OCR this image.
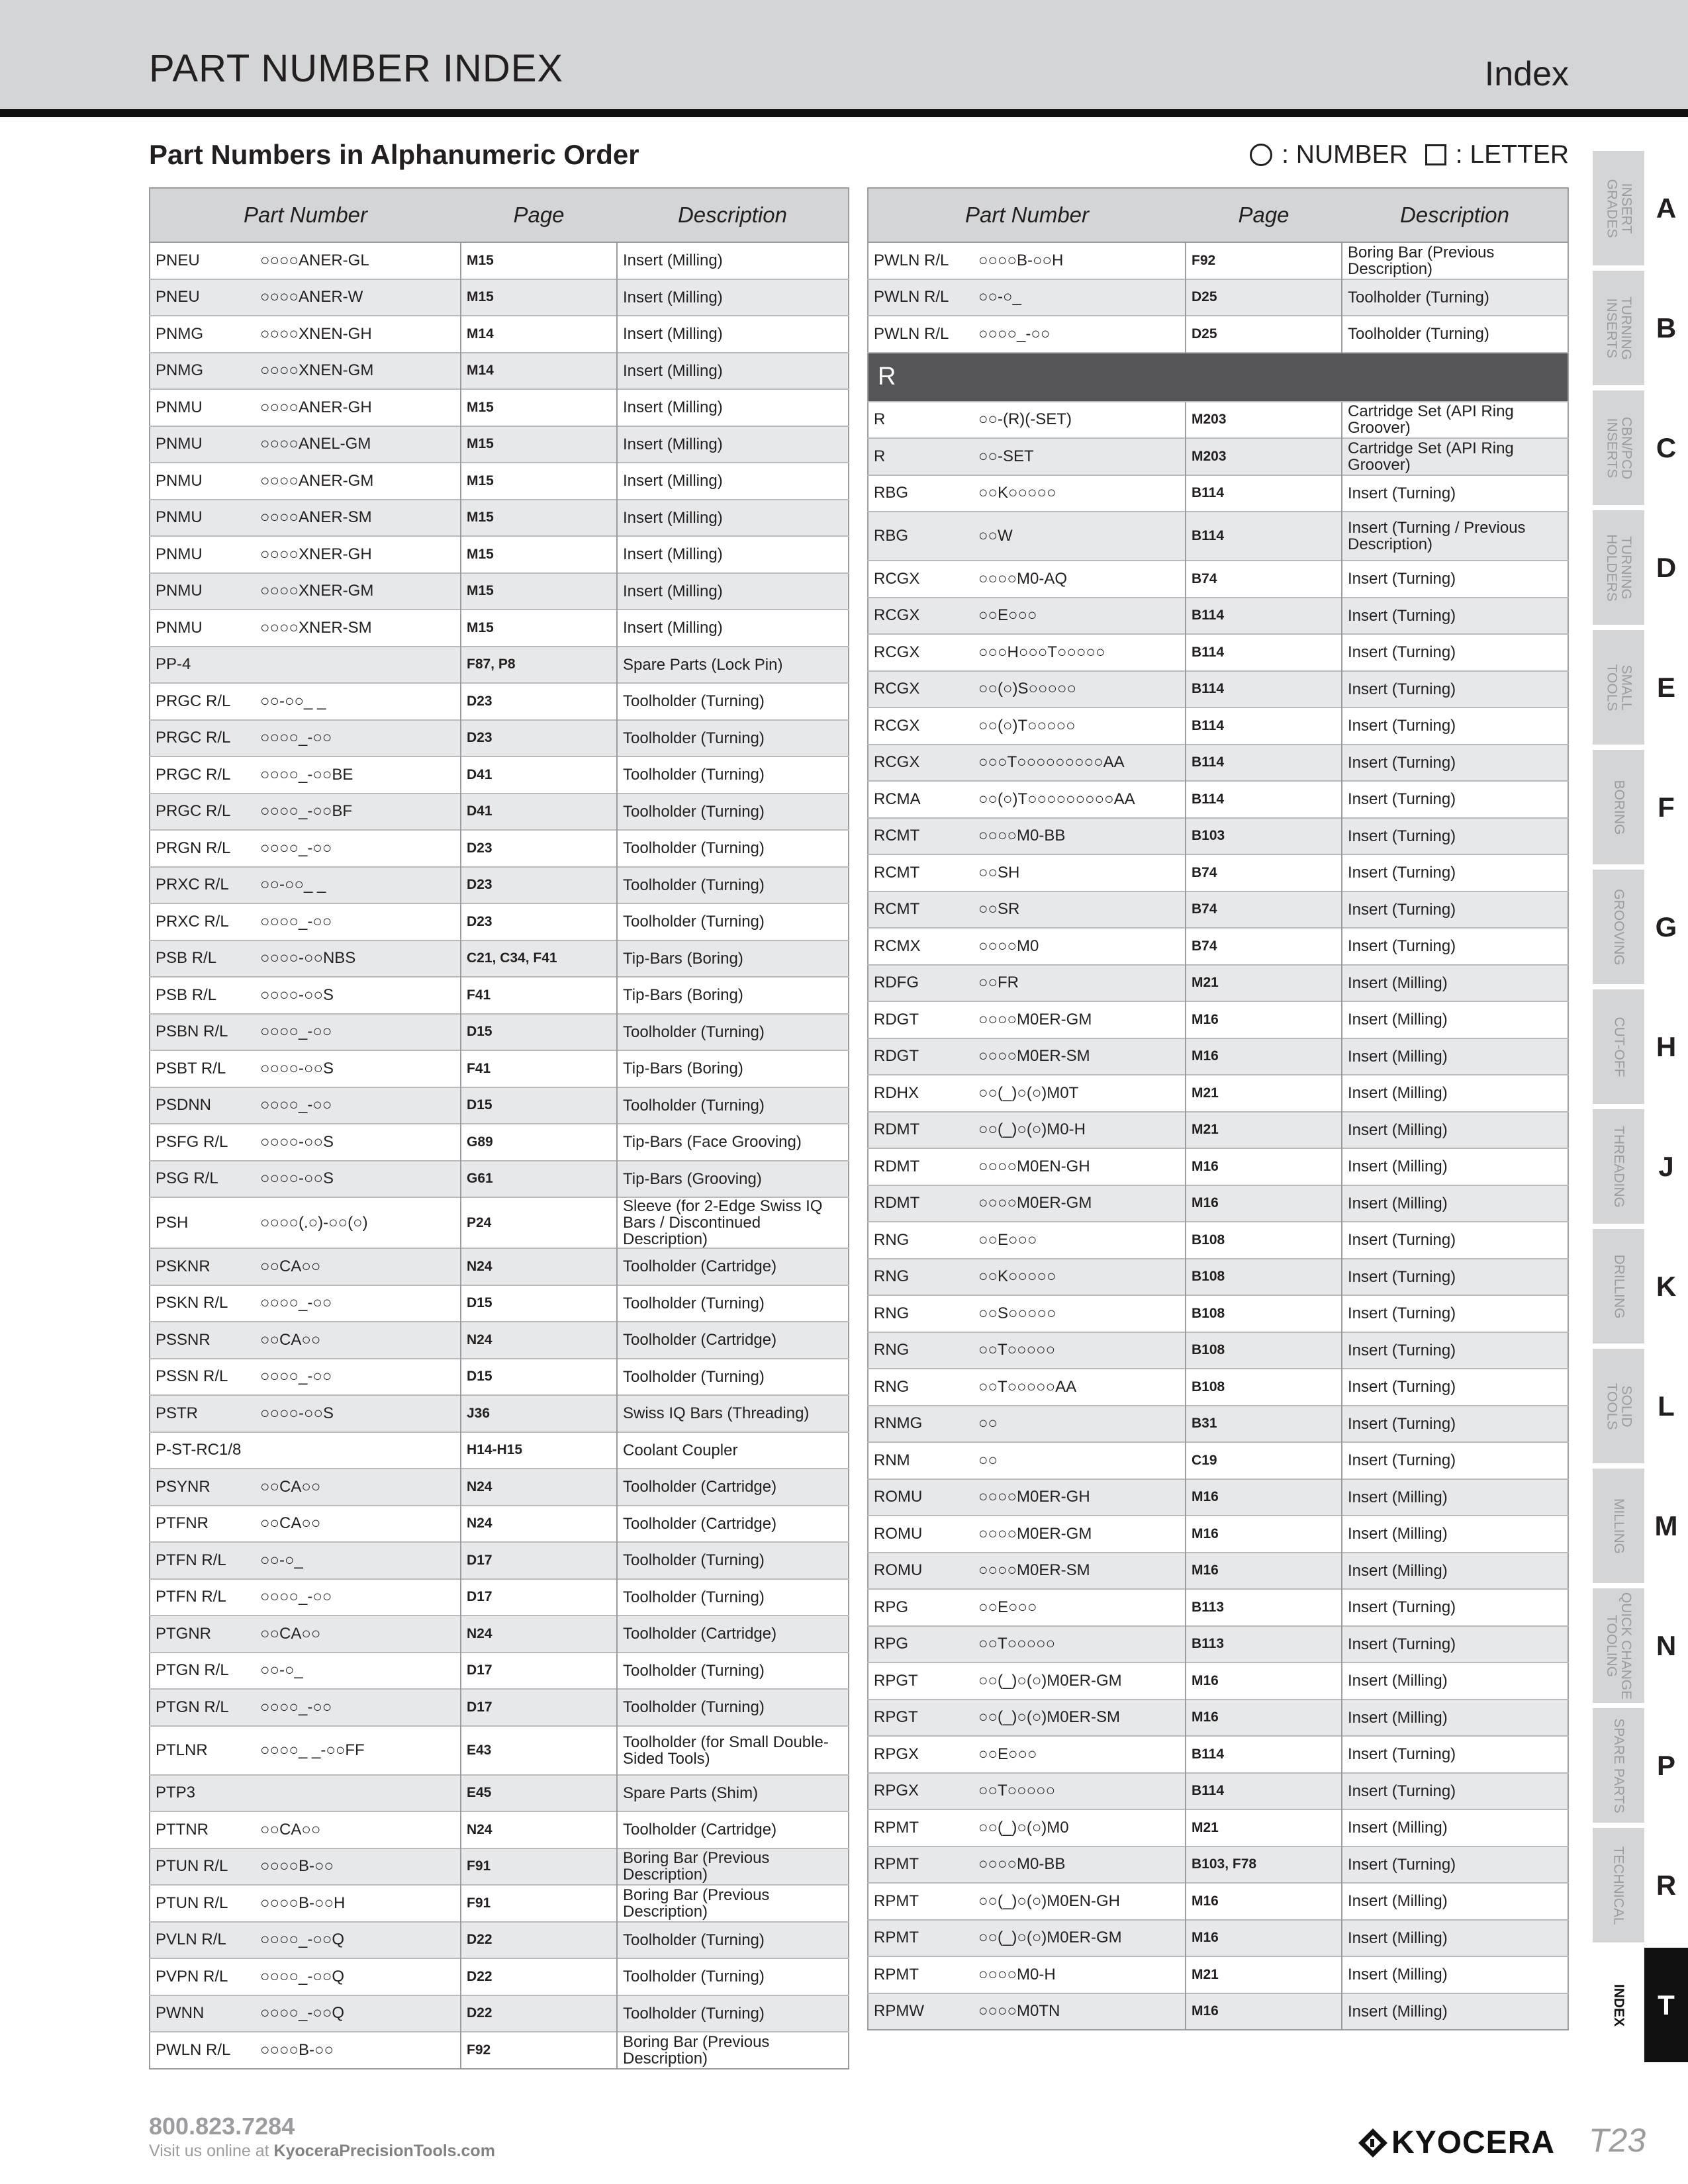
PART NUMBER INDEX	Index
Part Numbers in Alphanumeric Order	: NUMBER : LETTER
Part Number	Page	Description
PNEU ○○○○ANER-GL	M15	Insert (Milling)
PNEU ○○○○ANER-W	M15	Insert (Milling)
PNMG ○○○○XNEN-GH	M14	Insert (Milling)
PNMG ○○○○XNEN-GM	M14	Insert (Milling)
PNMU ○○○○ANER-GH	M15	Insert (Milling)
PNMU ○○○○ANEL-GM	M15	Insert (Milling)
PNMU ○○○○ANER-GM	M15	Insert (Milling)
PNMU ○○○○ANER-SM	M15	Insert (Milling)
PNMU ○○○○XNER-GH	M15	Insert (Milling)
PNMU ○○○○XNER-GM	M15	Insert (Milling)
PNMU ○○○○XNER-SM	M15	Insert (Milling)
PP-4	F87, P8	Spare Parts (Lock Pin)
PRGC R/L ○○-○○_ _	D23	Toolholder (Turning)
PRGC R/L ○○○○_-○○	D23	Toolholder (Turning)
PRGC R/L ○○○○_-○○BE	D41	Toolholder (Turning)
PRGC R/L ○○○○_-○○BF	D41	Toolholder (Turning)
PRGN R/L ○○○○_-○○	D23	Toolholder (Turning)
PRXC R/L ○○-○○_ _	D23	Toolholder (Turning)
PRXC R/L ○○○○_-○○	D23	Toolholder (Turning)
PSB R/L ○○○○-○○NBS	C21, C34, F41	Tip-Bars (Boring)
PSB R/L ○○○○-○○S	F41	Tip-Bars (Boring)
PSBN R/L ○○○○_-○○	D15	Toolholder (Turning)
PSBT R/L ○○○○-○○S	F41	Tip-Bars (Boring)
PSDNN ○○○○_-○○	D15	Toolholder (Turning)
PSFG R/L ○○○○-○○S	G89	Tip-Bars (Face Grooving)
PSG R/L ○○○○-○○S	G61	Tip-Bars (Grooving)
PSH ○○○○(.○)-○○(○)	P24	Sleeve (for 2-Edge Swiss IQ Bars / Discontinued Description)
PSKNR ○○CA○○	N24	Toolholder (Cartridge)
PSKN R/L ○○○○_-○○	D15	Toolholder (Turning)
PSSNR ○○CA○○	N24	Toolholder (Cartridge)
PSSN R/L ○○○○_-○○	D15	Toolholder (Turning)
PSTR ○○○○-○○S	J36	Swiss IQ Bars (Threading)
P-ST-RC1/8	H14-H15	Coolant Coupler
PSYNR ○○CA○○	N24	Toolholder (Cartridge)
PTFNR ○○CA○○	N24	Toolholder (Cartridge)
PTFN R/L ○○-○_	D17	Toolholder (Turning)
PTFN R/L ○○○○_-○○	D17	Toolholder (Turning)
PTGNR ○○CA○○	N24	Toolholder (Cartridge)
PTGN R/L ○○-○_	D17	Toolholder (Turning)
PTGN R/L ○○○○_-○○	D17	Toolholder (Turning)
PTLNR ○○○○_ _-○○FF	E43	Toolholder (for Small Double-Sided Tools)
PTP3	E45	Spare Parts (Shim)
PTTNR ○○CA○○	N24	Toolholder (Cartridge)
PTUN R/L ○○○○B-○○	F91	Boring Bar (Previous Description)
PTUN R/L ○○○○B-○○H	F91	Boring Bar (Previous Description)
PVLN R/L ○○○○_-○○Q	D22	Toolholder (Turning)
PVPN R/L ○○○○_-○○Q	D22	Toolholder (Turning)
PWNN ○○○○_-○○Q	D22	Toolholder (Turning)
PWLN R/L ○○○○B-○○	F92	Boring Bar (Previous Description)
Part Number	Page	Description
PWLN R/L ○○○○B-○○H	F92	Boring Bar (Previous Description)
PWLN R/L ○○-○_	D25	Toolholder (Turning)
PWLN R/L ○○○○_-○○	D25	Toolholder (Turning)
R		
R ○○-(R)(-SET)	M203	Cartridge Set (API Ring Groover)
R ○○-SET	M203	Cartridge Set (API Ring Groover)
RBG ○○K○○○○○	B114	Insert (Turning)
RBG ○○W	B114	Insert (Turning / Previous Description)
RCGX ○○○○M0-AQ	B74	Insert (Turning)
RCGX ○○E○○○	B114	Insert (Turning)
RCGX ○○○H○○○T○○○○○	B114	Insert (Turning)
RCGX ○○(○)S○○○○○	B114	Insert (Turning)
RCGX ○○(○)T○○○○○	B114	Insert (Turning)
RCGX ○○○T○○○○○○○○○AA	B114	Insert (Turning)
RCMA ○○(○)T○○○○○○○○○AA	B114	Insert (Turning)
RCMT ○○○○M0-BB	B103	Insert (Turning)
RCMT ○○SH	B74	Insert (Turning)
RCMT ○○SR	B74	Insert (Turning)
RCMX ○○○○M0	B74	Insert (Turning)
RDFG ○○FR	M21	Insert (Milling)
RDGT ○○○○M0ER-GM	M16	Insert (Milling)
RDGT ○○○○M0ER-SM	M16	Insert (Milling)
RDHX ○○(_)○(○)M0T	M21	Insert (Milling)
RDMT ○○(_)○(○)M0-H	M21	Insert (Milling)
RDMT ○○○○M0EN-GH	M16	Insert (Milling)
RDMT ○○○○M0ER-GM	M16	Insert (Milling)
RNG ○○E○○○	B108	Insert (Turning)
RNG ○○K○○○○○	B108	Insert (Turning)
RNG ○○S○○○○○	B108	Insert (Turning)
RNG ○○T○○○○○	B108	Insert (Turning)
RNG ○○T○○○○○AA	B108	Insert (Turning)
RNMG ○○	B31	Insert (Turning)
RNM ○○	C19	Insert (Turning)
ROMU ○○○○M0ER-GH	M16	Insert (Milling)
ROMU ○○○○M0ER-GM	M16	Insert (Milling)
ROMU ○○○○M0ER-SM	M16	Insert (Milling)
RPG ○○E○○○	B113	Insert (Turning)
RPG ○○T○○○○○	B113	Insert (Turning)
RPGT ○○(_)○(○)M0ER-GM	M16	Insert (Milling)
RPGT ○○(_)○(○)M0ER-SM	M16	Insert (Milling)
RPGX ○○E○○○	B114	Insert (Turning)
RPGX ○○T○○○○○	B114	Insert (Turning)
RPMT ○○(_)○(○)M0	M21	Insert (Milling)
RPMT ○○○○M0-BB	B103, F78	Insert (Turning)
RPMT ○○(_)○(○)M0EN-GH	M16	Insert (Milling)
RPMT ○○(_)○(○)M0ER-GM	M16	Insert (Milling)
RPMT ○○○○M0-H	M21	Insert (Milling)
RPMW ○○○○M0TN	M16	Insert (Milling)
INSERT
GRADES	A
TURNING
INSERTS	B
CBN/PCD
INSERTS	C
TURNING
HOLDERS	D
SMALL
TOOLS	E
BORING	F
GROOVING	G
CUT-OFF	H
THREADING	J
DRILLING	K
SOLID
TOOLS	L
MILLING	M
QUICK CHANGE
TOOLING	N
SPARE PARTS	P
TECHNICAL	R
INDEX	T
800.823.7284
Visit us online at KyoceraPrecisionTools.com	KYOCERA T23
